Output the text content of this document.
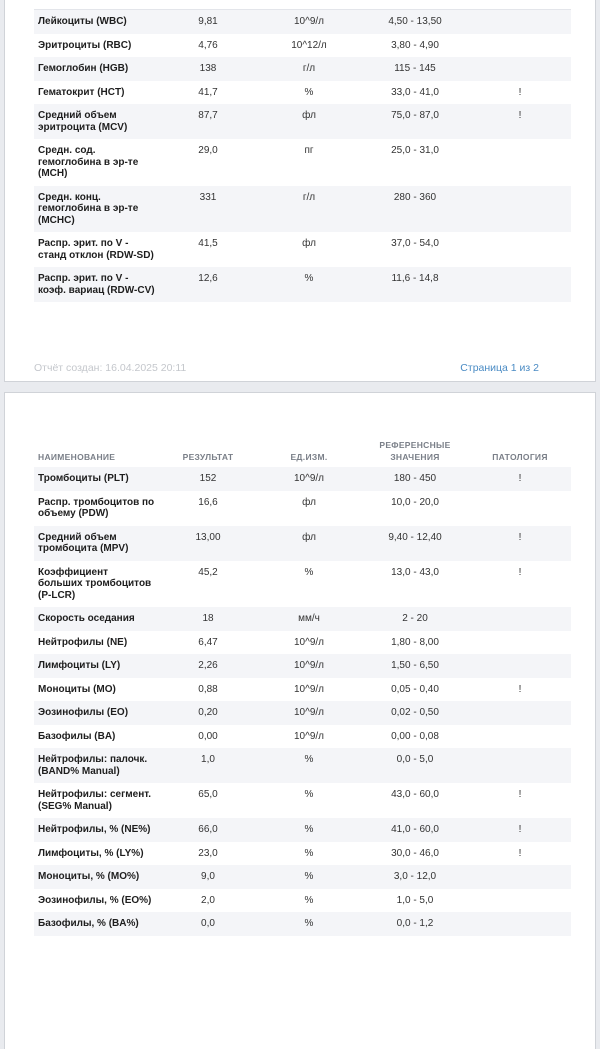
Лейкоциты (WBC)	9,81	10^9/л	4,50 - 13,50	
Эритроциты (RBC)	4,76	10^12/л	3,80 - 4,90	
Гемоглобин (HGB)	138	г/л	115 - 145	
Гематокрит (HCT)	41,7	%	33,0 - 41,0	!
Средний объем эритроцита (MCV)	87,7	фл	75,0 - 87,0	!
Средн. сод. гемоглобина в эр-те (MCH)	29,0	пг	25,0 - 31,0	
Средн. конц. гемоглобина в эр-те (MCHC)	331	г/л	280 - 360	
Распр. эрит. по V - станд отклон (RDW-SD)	41,5	фл	37,0 - 54,0	
Распр. эрит. по V - коэф. вариац (RDW-CV)	12,6	%	11,6 - 14,8	
Отчёт создан: 16.04.2025 20:11	Страница 1 из 2
НАИМЕНОВАНИЕ	РЕЗУЛЬТАТ	ЕД.ИЗМ.	РЕФЕРЕНСНЫЕ ЗНАЧЕНИЯ	ПАТОЛОГИЯ
Тромбоциты (PLT)	152	10^9/л	180 - 450	!
Распр. тромбоцитов по объему (PDW)	16,6	фл	10,0 - 20,0	
Средний объем тромбоцита (MPV)	13,00	фл	9,40 - 12,40	!
Коэффициент больших тромбоцитов (P-LCR)	45,2	%	13,0 - 43,0	!
Скорость оседания	18	мм/ч	2 - 20	
Нейтрофилы (NE)	6,47	10^9/л	1,80 - 8,00	
Лимфоциты (LY)	2,26	10^9/л	1,50 - 6,50	
Моноциты (MO)	0,88	10^9/л	0,05 - 0,40	!
Эозинофилы (EO)	0,20	10^9/л	0,02 - 0,50	
Базофилы (BA)	0,00	10^9/л	0,00 - 0,08	
Нейтрофилы: палочк. (BAND% Manual)	1,0	%	0,0 - 5,0	
Нейтрофилы: сегмент. (SEG% Manual)	65,0	%	43,0 - 60,0	!
Нейтрофилы, % (NE%)	66,0	%	41,0 - 60,0	!
Лимфоциты, % (LY%)	23,0	%	30,0 - 46,0	!
Моноциты, % (MO%)	9,0	%	3,0 - 12,0	
Эозинофилы, % (EO%)	2,0	%	1,0 - 5,0	
Базофилы, % (BA%)	0,0	%	0,0 - 1,2	
